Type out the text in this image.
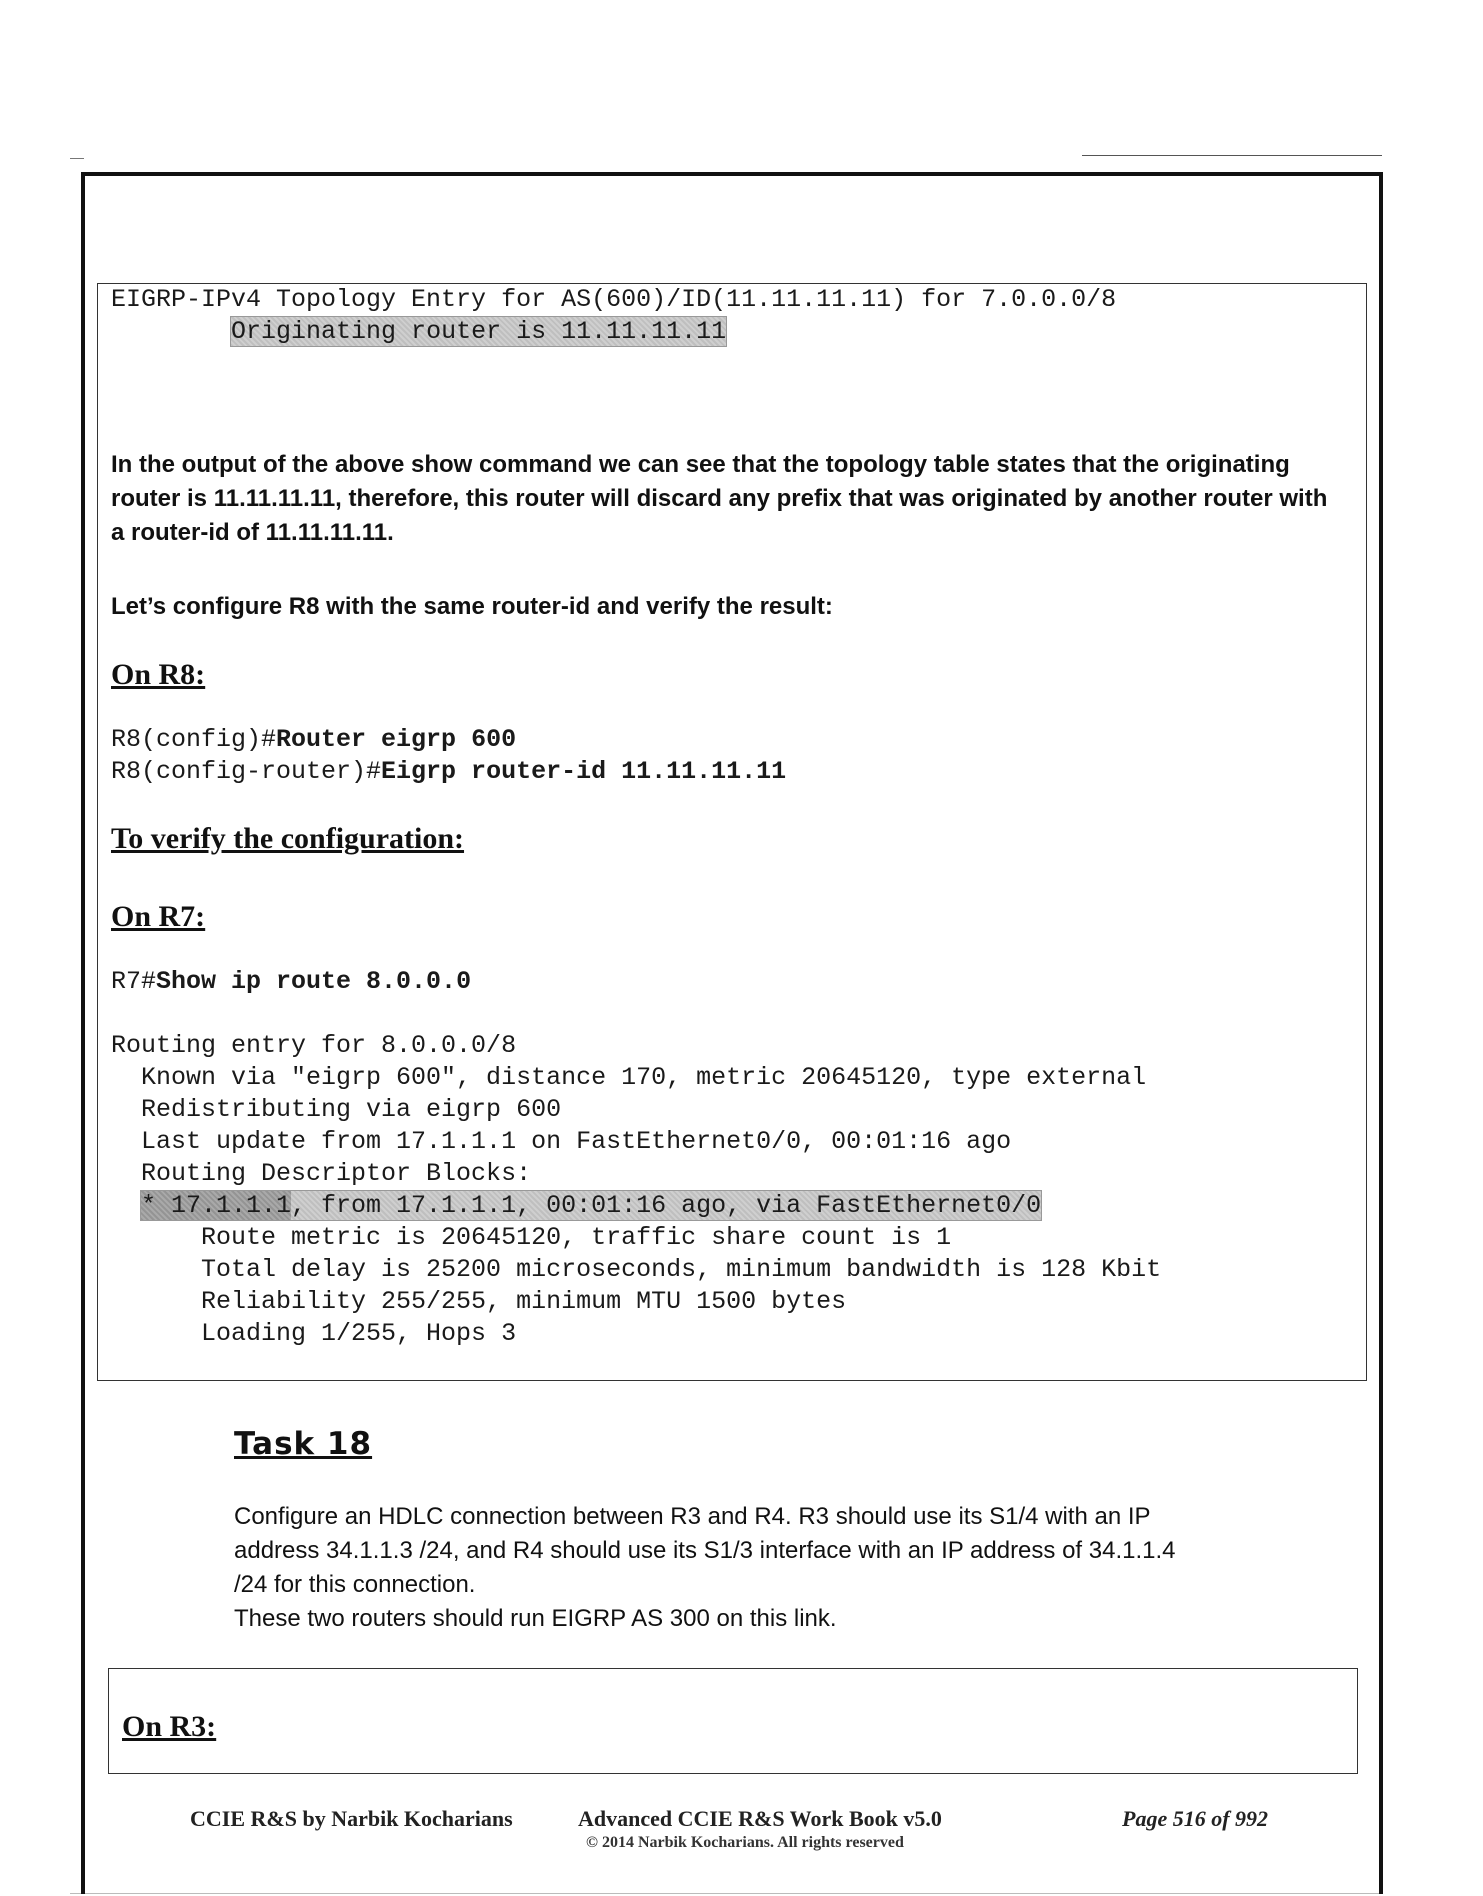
EIGRP-IPv4 Topology Entry for AS(600)/ID(11.11.11.11) for 7.0.0.0/8
Originating router is 11.11.11.11
In the output of the above show command we can see that the topology table states that the originating router is 11.11.11.11, therefore, this router will discard any prefix that was originated by another router with a router-id of 11.11.11.11.
Let’s configure R8 with the same router-id and verify the result:
On R8:
R8(config)#Router eigrp 600
R8(config-router)#Eigrp router-id 11.11.11.11
To verify the configuration:
On R7:
R7#Show ip route 8.0.0.0
Routing entry for 8.0.0.0/8
Known via "eigrp 600", distance 170, metric 20645120, type external
Redistributing via eigrp 600
Last update from 17.1.1.1 on FastEthernet0/0, 00:01:16 ago
Routing Descriptor Blocks:
* 17.1.1.1, from 17.1.1.1, 00:01:16 ago, via FastEthernet0/0
Route metric is 20645120, traffic share count is 1
Total delay is 25200 microseconds, minimum bandwidth is 128 Kbit
Reliability 255/255, minimum MTU 1500 bytes
Loading 1/255, Hops 3
Task 18
Configure an HDLC connection between R3 and R4. R3 should use its S1/4 with an IP
address 34.1.1.3 /24, and R4 should use its S1/3 interface with an IP address of 34.1.1.4
/24 for this connection.
These two routers should run EIGRP AS 300 on this link.
On R3:
CCIE R&S by Narbik Kocharians	Advanced CCIE R&S Work Book v5.0
© 2014 Narbik Kocharians. All rights reserved
Page 516 of 992
